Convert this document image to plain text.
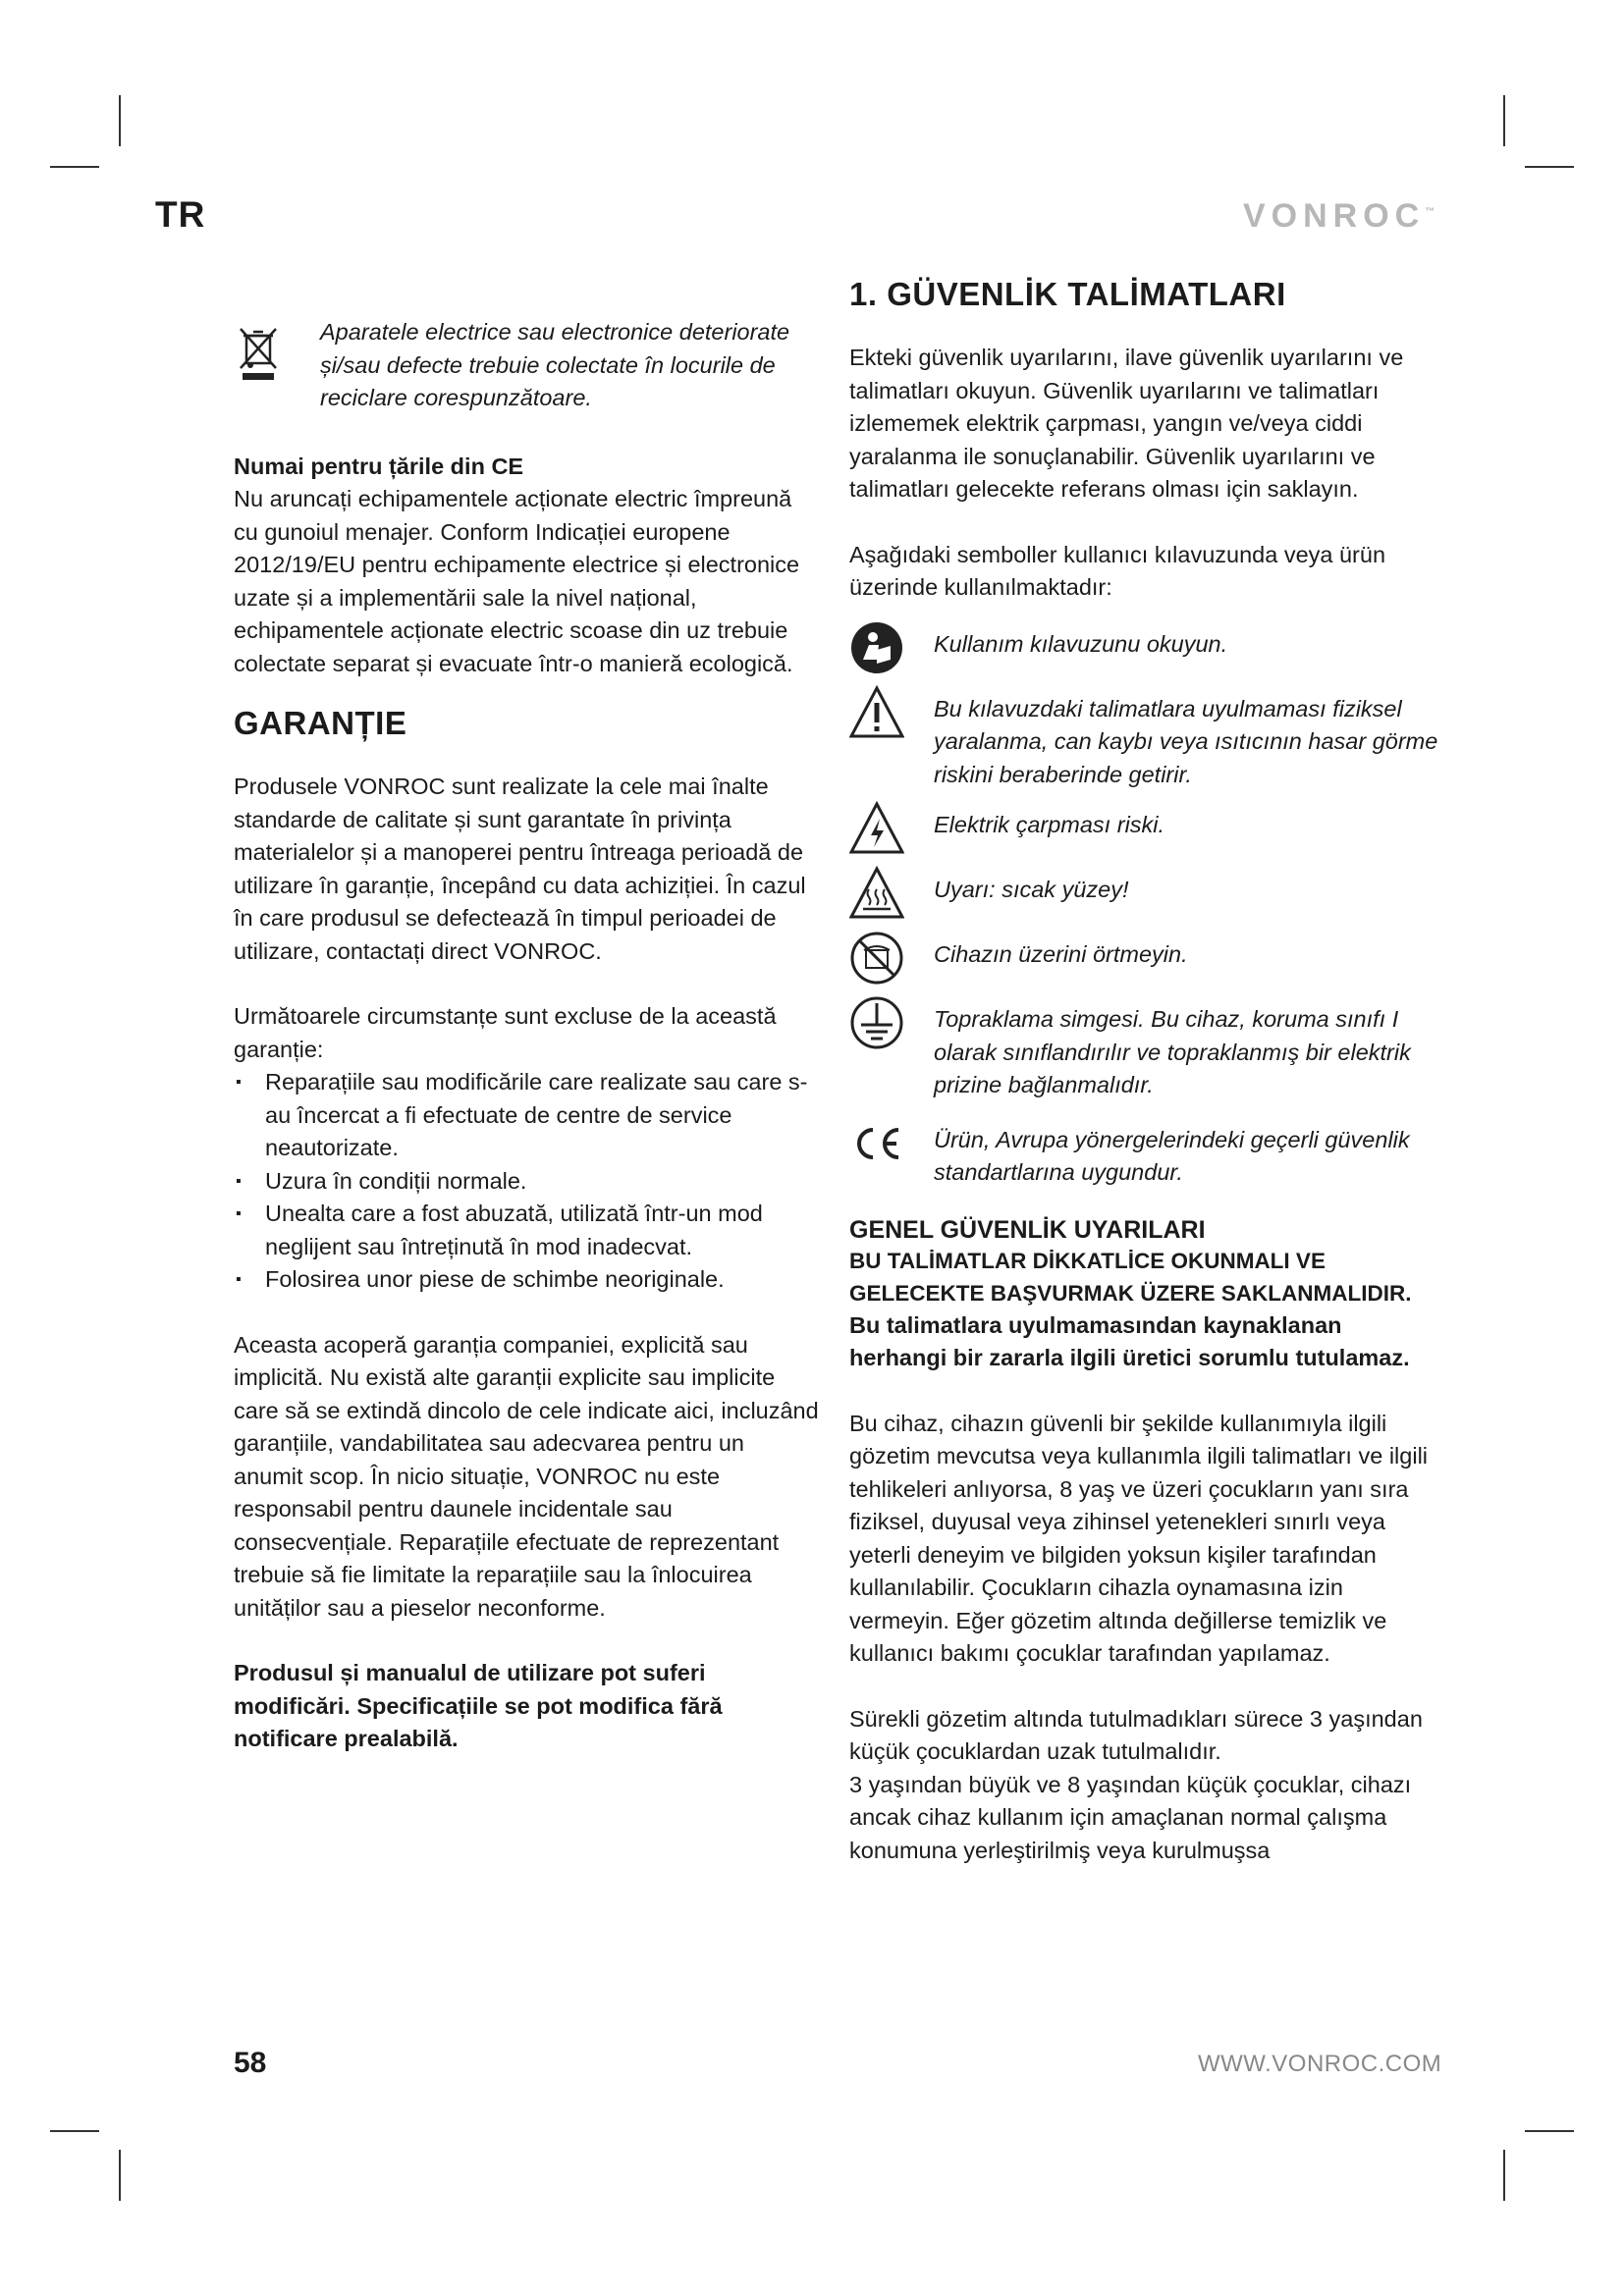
TR	VONROC™

Aparatele electrice sau electronice deteriorate și/sau defecte trebuie colectate în locurile de reciclare corespunzătoare.

Numai pentru țările din CE

Nu aruncați echipamentele acționate electric împreună cu gunoiul menajer. Conform Indicației europene 2012/19/EU pentru echipamente electrice și electronice uzate și a implementării sale la nivel național, echipamentele acționate electric scoase din uz trebuie colectate separat și evacuate într-o manieră ecologică.

GARANȚIE

Produsele VONROC sunt realizate la cele mai înalte standarde de calitate și sunt garantate în privința materialelor și a manoperei pentru întreaga perioadă de utilizare în garanție, începând cu data achiziției. În cazul în care produsul se defectează în timpul perioadei de utilizare, contactați direct VONROC.

Următoarele circumstanțe sunt excluse de la această garanție:

▪ Reparațiile sau modificările care realizate sau care s-au încercat a fi efectuate de centre de service neautorizate.
▪ Uzura în condiții normale.
▪ Unealta care a fost abuzată, utilizată într-un mod neglijent sau întreținută în mod inadecvat.
▪ Folosirea unor piese de schimbe neoriginale.

Aceasta acoperă garanția companiei, explicită sau implicită. Nu există alte garanții explicite sau implicite care să se extindă dincolo de cele indicate aici, incluzând garanțiile, vandabilitatea sau adecvarea pentru un anumit scop. În nicio situație, VONROC nu este responsabil pentru daunele incidentale sau consecvențiale. Reparațiile efectuate de reprezentant trebuie să fie limitate la reparațiile sau la înlocuirea unităților sau a pieselor neconforme.

Produsul și manualul de utilizare pot suferi modificări. Specificațiile se pot modifica fără notificare prealabilă.

1. GÜVENLİK TALİMATLARI

Ekteki güvenlik uyarılarını, ilave güvenlik uyarılarını ve talimatları okuyun. Güvenlik uyarılarını ve talimatları izlememek elektrik çarpması, yangın ve/veya ciddi yaralanma ile sonuçlanabilir. Güvenlik uyarılarını ve talimatları gelecekte referans olması için saklayın.

Aşağıdaki semboller kullanıcı kılavuzunda veya ürün üzerinde kullanılmaktadır:

Kullanım kılavuzunu okuyun.
Bu kılavuzdaki talimatlara uyulmaması fiziksel yaralanma, can kaybı veya ısıtıcının hasar görme riskini beraberinde getirir.
Elektrik çarpması riski.
Uyarı: sıcak yüzey!
Cihazın üzerini örtmeyin.
Topraklama simgesi. Bu cihaz, koruma sınıfı I olarak sınıflandırılır ve topraklanmış bir elektrik prizine bağlanmalıdır.
Ürün, Avrupa yönergelerindeki geçerli güvenlik standartlarına uygundur.
GENEL GÜVENLİK UYARILARI

BU TALİMATLAR DİKKATLİCE OKUNMALI VE GELECEKTE BAŞVURMAK ÜZERE SAKLANMALIDIR.

Bu talimatlara uyulmamasından kaynaklanan herhangi bir zararla ilgili üretici sorumlu tutulamaz.

Bu cihaz, cihazın güvenli bir şekilde kullanımıyla ilgili gözetim mevcutsa veya kullanımla ilgili talimatları ve ilgili tehlikeleri anlıyorsa, 8 yaş ve üzeri çocukların yanı sıra fiziksel, duyusal veya zihinsel yetenekleri sınırlı veya yeterli deneyim ve bilgiden yoksun kişiler tarafından kullanılabilir. Çocukların cihazla oynamasına izin vermeyin. Eğer gözetim altında değillerse temizlik ve kullanıcı bakımı çocuklar tarafından yapılamaz.

Sürekli gözetim altında tutulmadıkları sürece 3 yaşından küçük çocuklardan uzak tutulmalıdır.

3 yaşından büyük ve 8 yaşından küçük çocuklar, cihazı ancak cihaz kullanım için amaçlanan normal çalışma konumuna yerleştirilmiş veya kurulmuşsa

58	WWW.VONROC.COM
